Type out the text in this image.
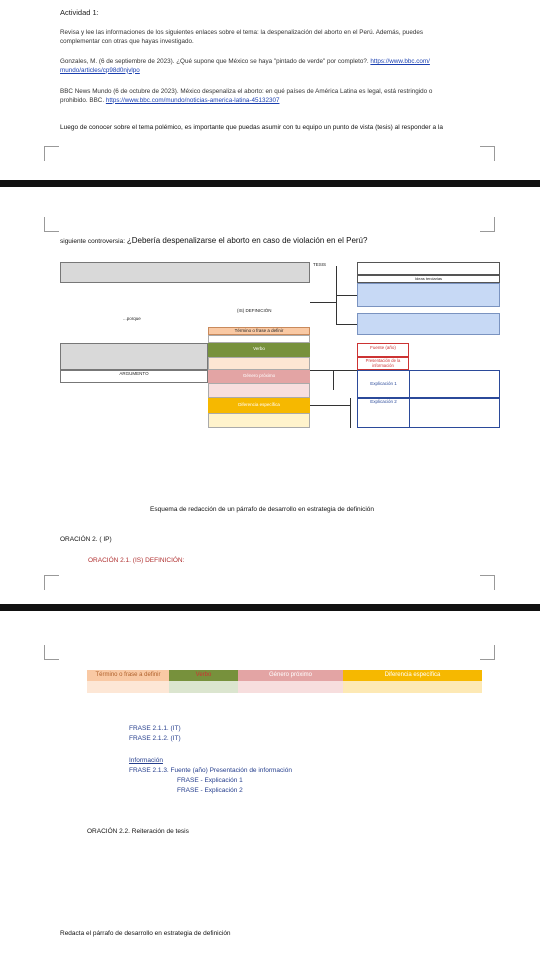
Actividad 1:
Revisa y lee las informaciones de los siguientes enlaces sobre el tema: la despenalización del aborto en el Perú. Además, puedes
complementar con otras que hayas investigado.
Gonzales, M. (6 de septiembre de 2023). ¿Qué supone que México se haya "pintado de verde" por completo?. https://www.bbc.com/
mundo/articles/cp98d0njvlpo
BBC News Mundo (6 de octubre de 2023). México despenaliza el aborto: en qué países de América Latina es legal, está restringido o
prohibido. BBC. https://www.bbc.com/mundo/noticias-america-latina-45132307
Luego de conocer sobre el tema polémico, es importante que puedas asumir con tu equipo un punto de vista (tesis) al responder a la
siguiente controversia: ¿Debería despenalizarse el aborto en caso de violación en el Perú?
TESIS
Ideas terciarias
...porque
(IS) DEFINICIÓN
ARGUMENTO
Término o frase a definir
Verbo
Género próximo
Diferencia específica
Fuente (año)
Presentación de la información
Explicación 1
Explicación 2
Esquema de redacción de un párrafo de desarrollo en estrategia de definición
ORACIÓN 2. ( IP)
ORACIÓN 2.1. (IS) DEFINICIÓN:
Término o frase a definir	Verbo	Género próximo	Diferencia específica
FRASE 2.1.1. (IT)
FRASE 2.1.2. (IT)
Información
FRASE 2.1.3. Fuente (año) Presentación de información
FRASE - Explicación 1
FRASE - Explicación 2
ORACIÓN 2.2. Reiteración de tesis
Redacta el párrafo de desarrollo en estrategia de definición
